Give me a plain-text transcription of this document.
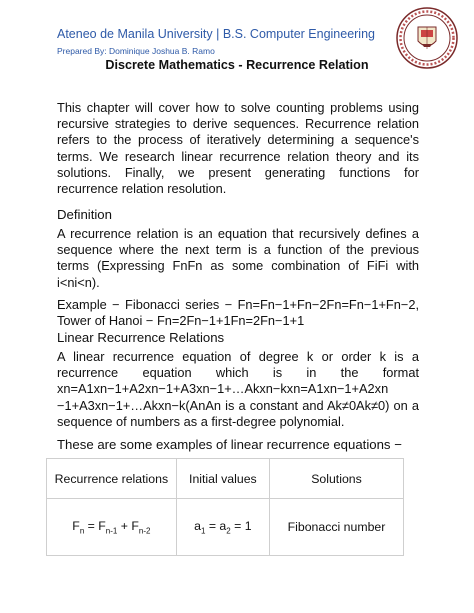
Ateneo de Manila University | B.S. Computer Engineering
Prepared By: Dominique Joshua B. Ramo
Discrete Mathematics - Recurrence Relation
This chapter will cover how to solve counting problems using recursive strategies to derive sequences. Recurrence relation refers to the process of iteratively determining a sequence's terms. We research linear recurrence relation theory and its solutions. Finally, we present generating functions for recurrence relation resolution.
Definition
A recurrence relation is an equation that recursively defines a sequence where the next term is a function of the previous terms (Expressing FnFn as some combination of FiFi with i<ni<n).
Example − Fibonacci series − Fn=Fn−1+Fn−2Fn=Fn−1+Fn−2, Tower of Hanoi − Fn=2Fn−1+1Fn=2Fn−1+1
Linear Recurrence Relations
A linear recurrence equation of degree k or order k is a recurrence equation which is in the format xn=A1xn−1+A2xn−1+A3xn−1+…Akxn−kxn=A1xn−1+A2xn −1+A3xn−1+…Akxn−k(AnAn is a constant and Ak≠0Ak≠0) on a sequence of numbers as a first-degree polynomial.
These are some examples of linear recurrence equations −
Recurrence relations	Initial values	Solutions
$F_n = F_{n-1} + F_{n-2}$	$a_1 = a_2 = 1$	Fibonacci number
